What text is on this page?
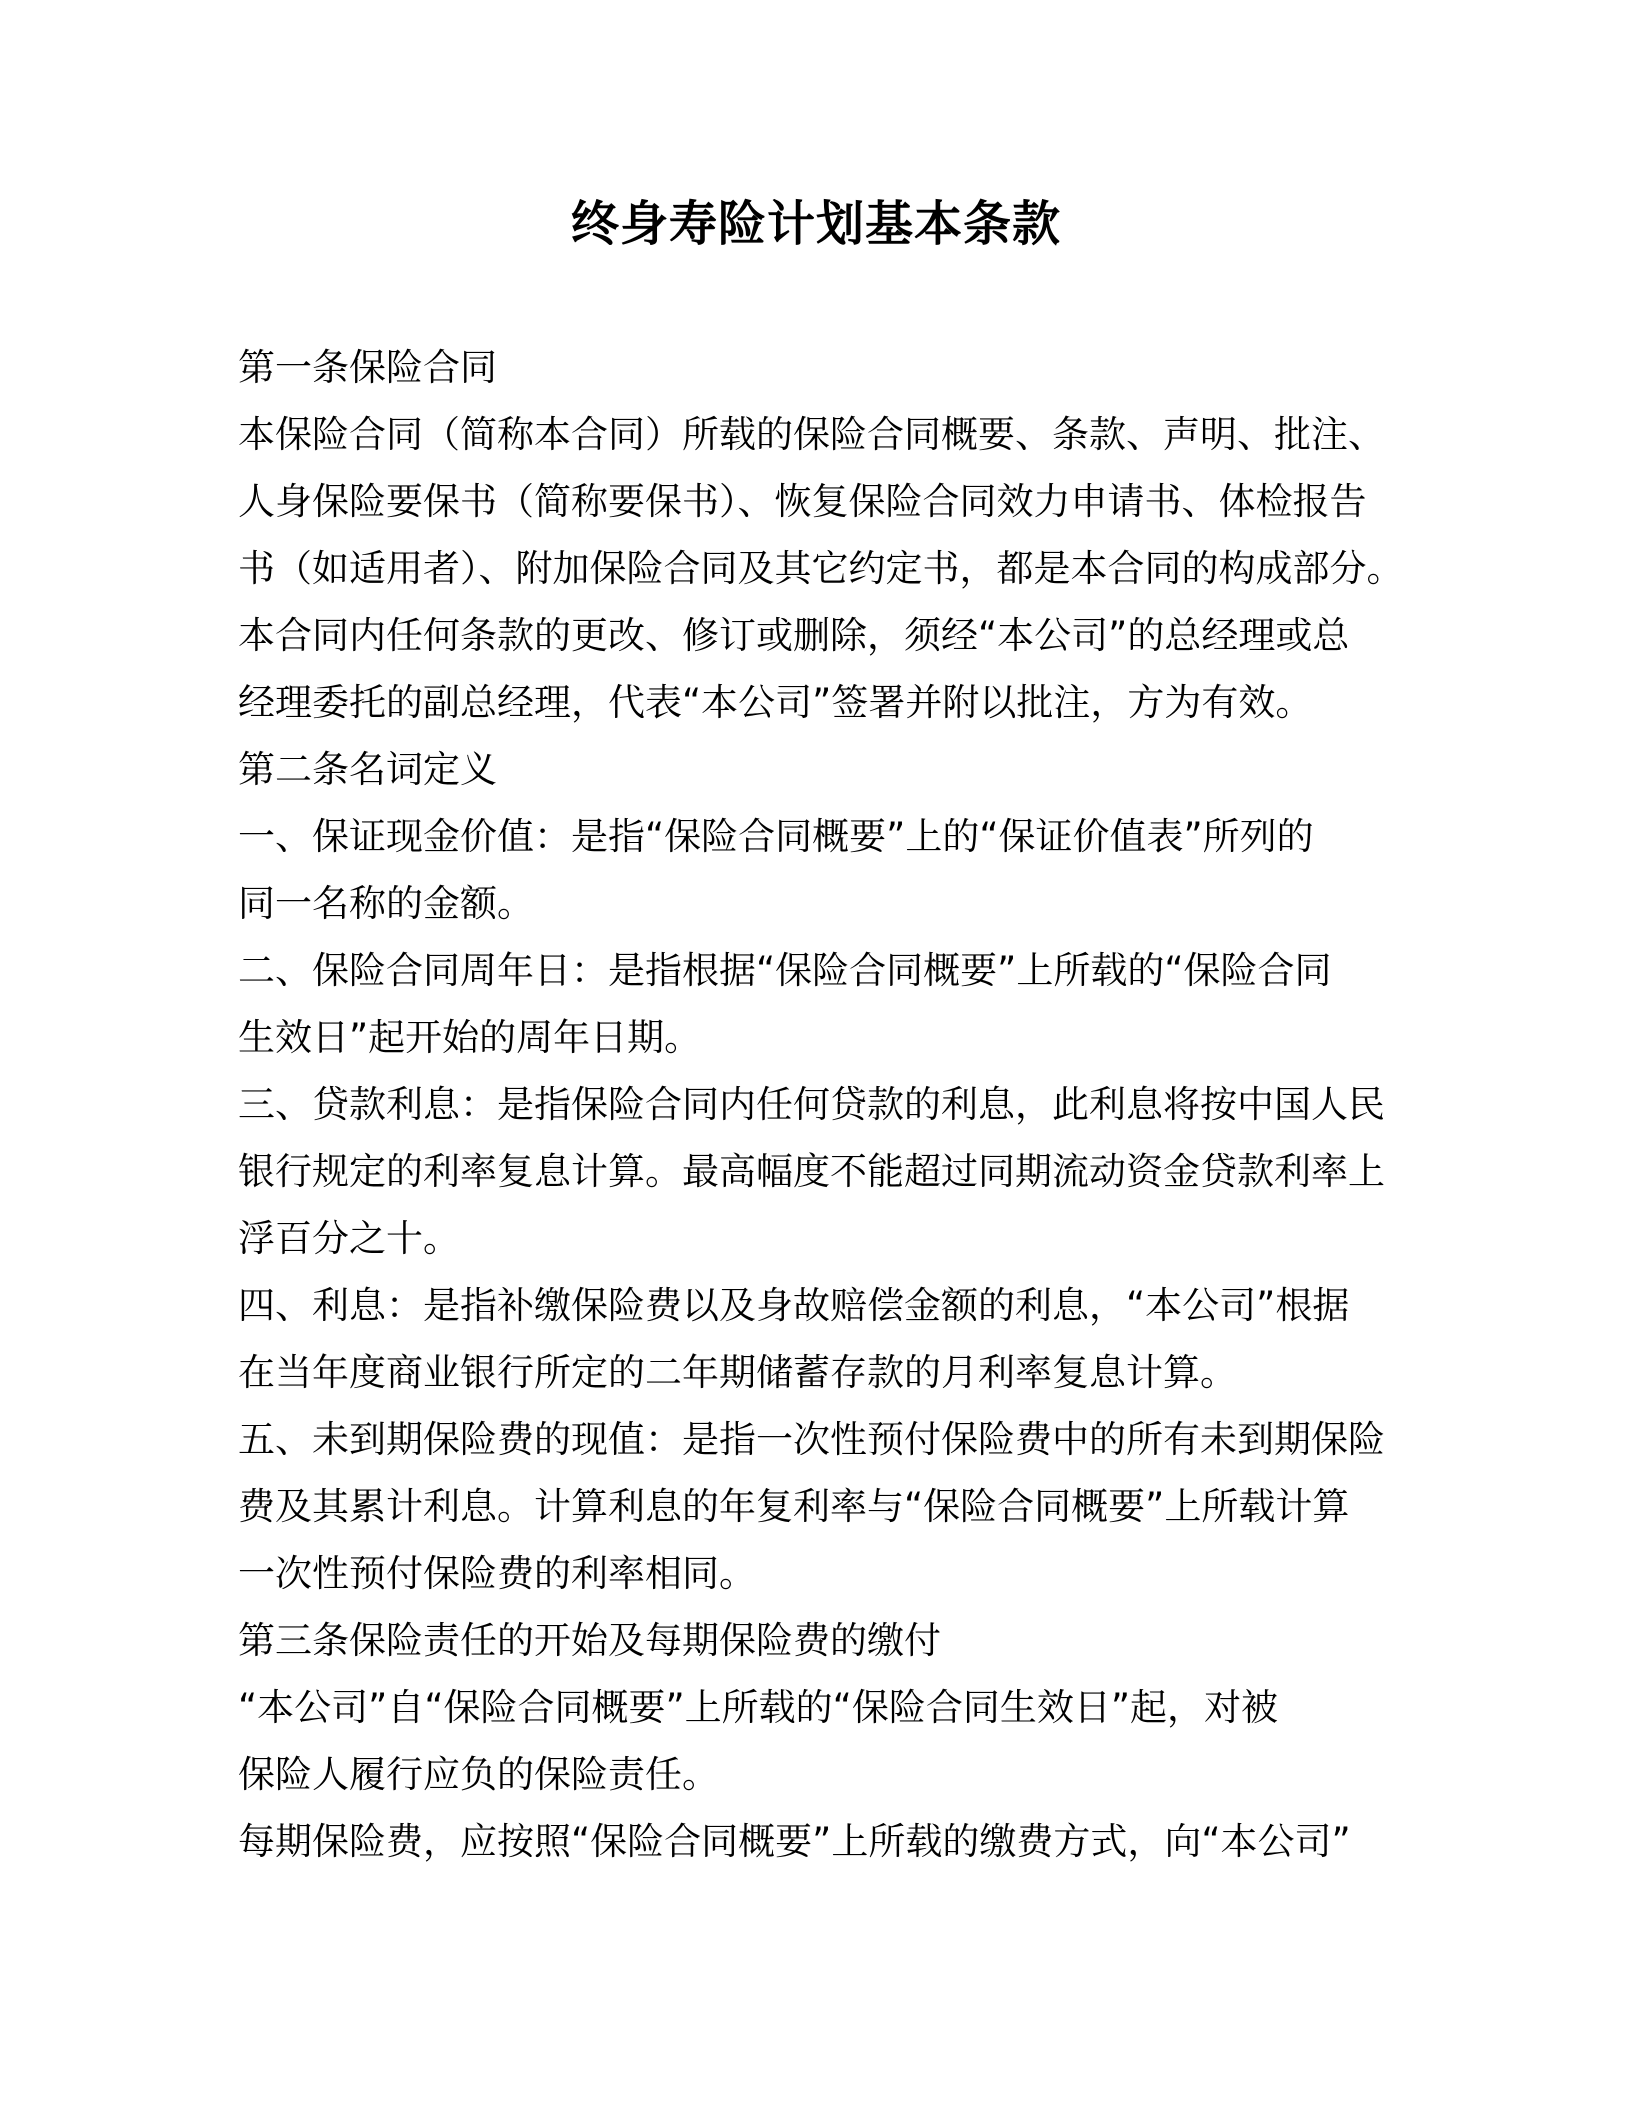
终身寿险计划基本条款
第一条保险合同
本保险合同（简称本合同）所载的保险合同概要、条款、声明、批注、
人身保险要保书（简称要保书）、恢复保险合同效力申请书、体检报告
书（如适用者）、附加保险合同及其它约定书，都是本合同的构成部分。
本合同内任何条款的更改、修订或删除，须经“本公司”的总经理或总
经理委托的副总经理，代表“本公司”签署并附以批注，方为有效。
第二条名词定义
一、保证现金价值：是指“保险合同概要”上的“保证价值表”所列的
同一名称的金额。
二、保险合同周年日：是指根据“保险合同概要”上所载的“保险合同
生效日”起开始的周年日期。
三、贷款利息：是指保险合同内任何贷款的利息，此利息将按中国人民
银行规定的利率复息计算。最高幅度不能超过同期流动资金贷款利率上
浮百分之十。
四、利息：是指补缴保险费以及身故赔偿金额的利息，“本公司”根据
在当年度商业银行所定的二年期储蓄存款的月利率复息计算。
五、未到期保险费的现值：是指一次性预付保险费中的所有未到期保险
费及其累计利息。计算利息的年复利率与“保险合同概要”上所载计算
一次性预付保险费的利率相同。
第三条保险责任的开始及每期保险费的缴付
“本公司”自“保险合同概要”上所载的“保险合同生效日”起，对被
保险人履行应负的保险责任。
每期保险费，应按照“保险合同概要”上所载的缴费方式，向“本公司”
